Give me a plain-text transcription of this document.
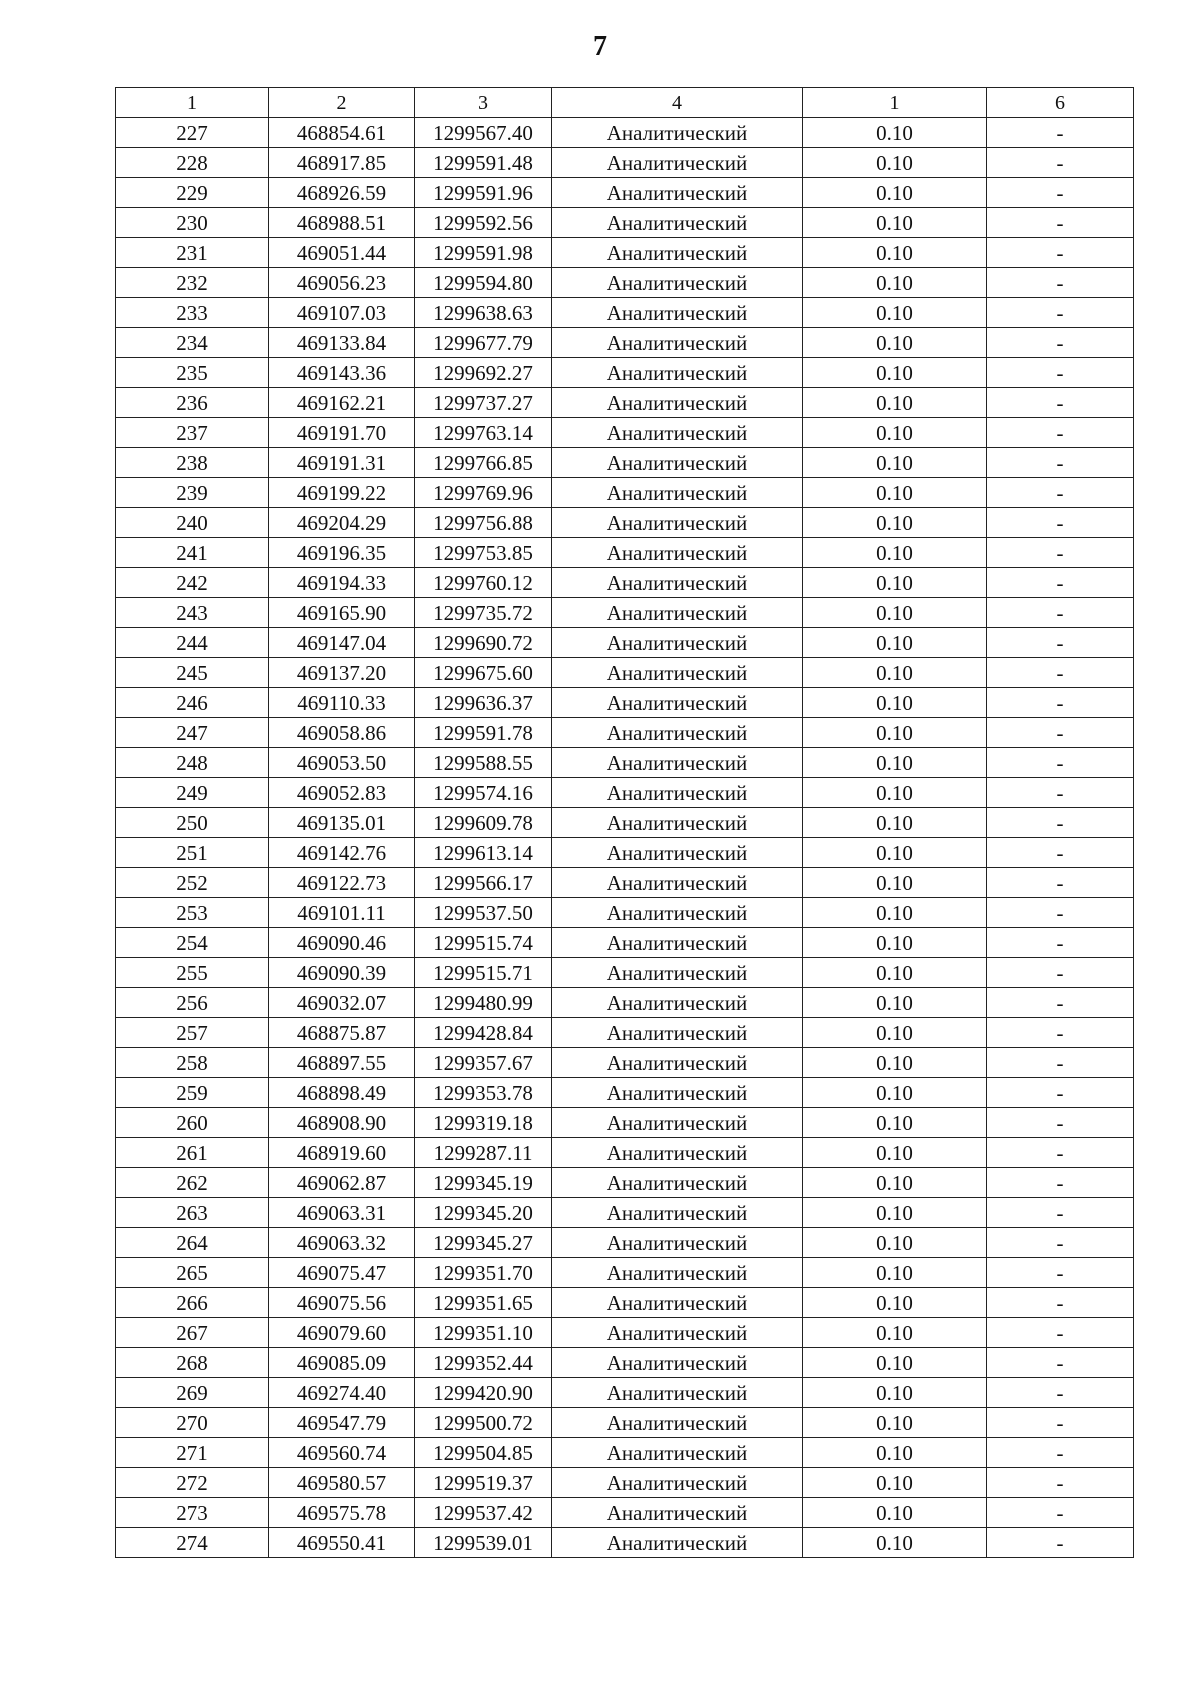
7
1	2	3	4	1	6
227	468854.61	1299567.40	Аналитический	0.10	-
228	468917.85	1299591.48	Аналитический	0.10	-
229	468926.59	1299591.96	Аналитический	0.10	-
230	468988.51	1299592.56	Аналитический	0.10	-
231	469051.44	1299591.98	Аналитический	0.10	-
232	469056.23	1299594.80	Аналитический	0.10	-
233	469107.03	1299638.63	Аналитический	0.10	-
234	469133.84	1299677.79	Аналитический	0.10	-
235	469143.36	1299692.27	Аналитический	0.10	-
236	469162.21	1299737.27	Аналитический	0.10	-
237	469191.70	1299763.14	Аналитический	0.10	-
238	469191.31	1299766.85	Аналитический	0.10	-
239	469199.22	1299769.96	Аналитический	0.10	-
240	469204.29	1299756.88	Аналитический	0.10	-
241	469196.35	1299753.85	Аналитический	0.10	-
242	469194.33	1299760.12	Аналитический	0.10	-
243	469165.90	1299735.72	Аналитический	0.10	-
244	469147.04	1299690.72	Аналитический	0.10	-
245	469137.20	1299675.60	Аналитический	0.10	-
246	469110.33	1299636.37	Аналитический	0.10	-
247	469058.86	1299591.78	Аналитический	0.10	-
248	469053.50	1299588.55	Аналитический	0.10	-
249	469052.83	1299574.16	Аналитический	0.10	-
250	469135.01	1299609.78	Аналитический	0.10	-
251	469142.76	1299613.14	Аналитический	0.10	-
252	469122.73	1299566.17	Аналитический	0.10	-
253	469101.11	1299537.50	Аналитический	0.10	-
254	469090.46	1299515.74	Аналитический	0.10	-
255	469090.39	1299515.71	Аналитический	0.10	-
256	469032.07	1299480.99	Аналитический	0.10	-
257	468875.87	1299428.84	Аналитический	0.10	-
258	468897.55	1299357.67	Аналитический	0.10	-
259	468898.49	1299353.78	Аналитический	0.10	-
260	468908.90	1299319.18	Аналитический	0.10	-
261	468919.60	1299287.11	Аналитический	0.10	-
262	469062.87	1299345.19	Аналитический	0.10	-
263	469063.31	1299345.20	Аналитический	0.10	-
264	469063.32	1299345.27	Аналитический	0.10	-
265	469075.47	1299351.70	Аналитический	0.10	-
266	469075.56	1299351.65	Аналитический	0.10	-
267	469079.60	1299351.10	Аналитический	0.10	-
268	469085.09	1299352.44	Аналитический	0.10	-
269	469274.40	1299420.90	Аналитический	0.10	-
270	469547.79	1299500.72	Аналитический	0.10	-
271	469560.74	1299504.85	Аналитический	0.10	-
272	469580.57	1299519.37	Аналитический	0.10	-
273	469575.78	1299537.42	Аналитический	0.10	-
274	469550.41	1299539.01	Аналитический	0.10	-
